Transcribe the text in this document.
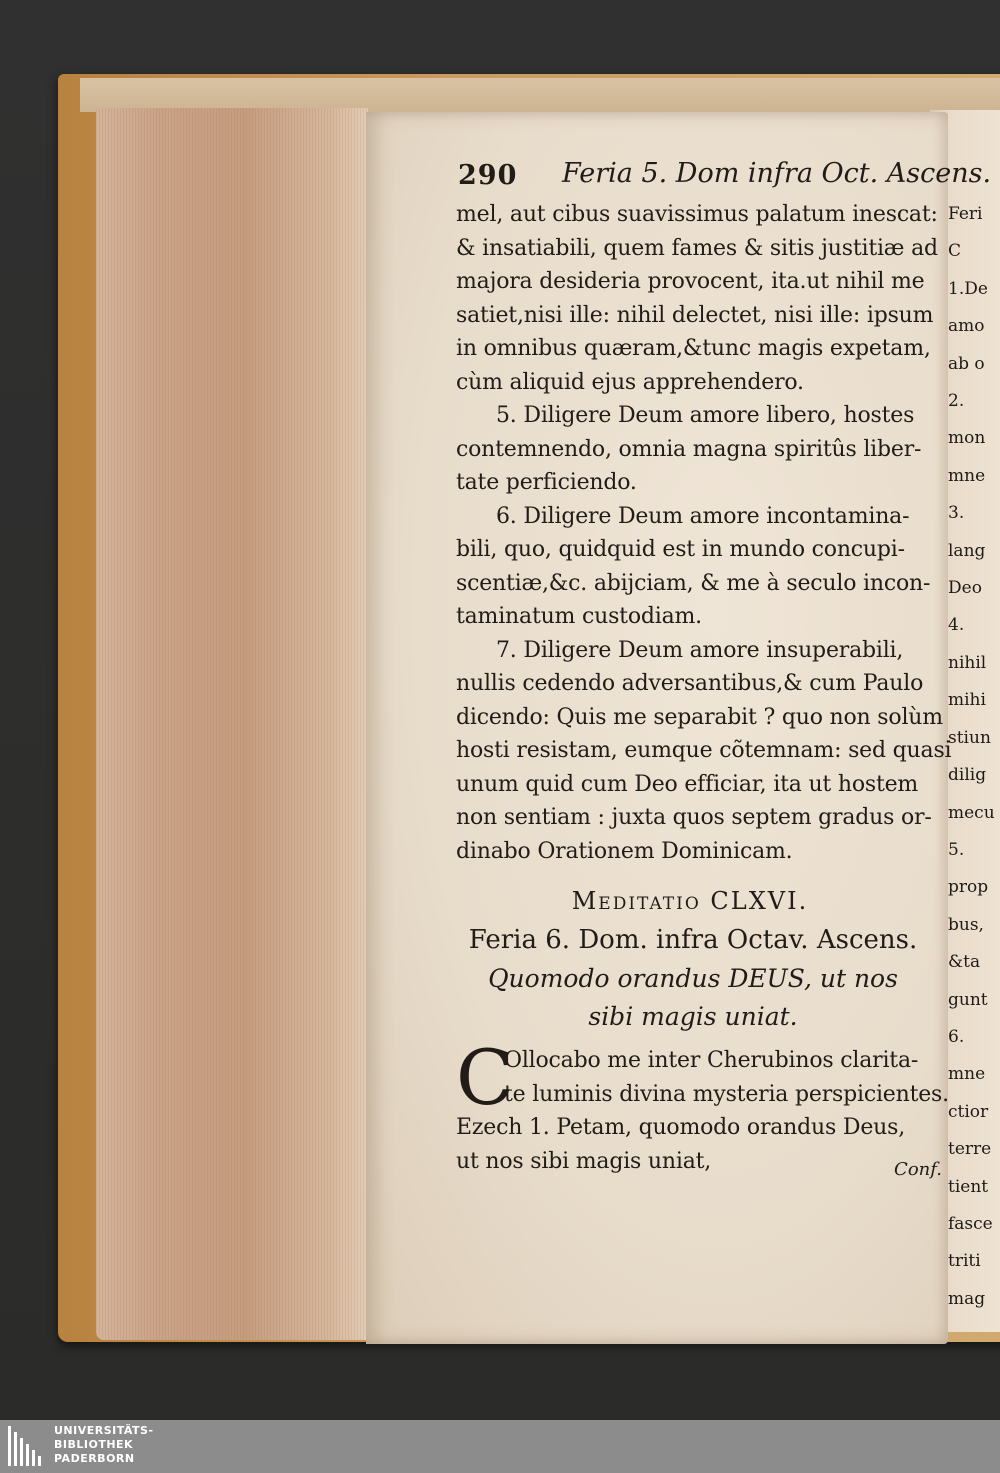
Feri
C
1.De
amo
ab o
2.
mon
mne
3.
lang
Deo
4.
nihil
mihi
stiun
dilig
mecu
5.
prop
bus,
&ta
gunt
6.
mne
ctior
terre
tient
fasce
triti
mag
290 Feria 5. Dom infra Oct. Ascens.
mel, aut cibus suavissimus palatum inescat:
& insatiabili, quem fames & sitis justitiæ ad
majora desideria provocent, ita.ut nihil me
satiet,nisi ille: nihil delectet, nisi ille: ipsum
in omnibus quæram,&tunc magis expetam,
cùm aliquid ejus apprehendero.
5. Diligere Deum amore libero, hostes
contemnendo, omnia magna spiritûs liber-
tate perficiendo.
6. Diligere Deum amore incontamina-
bili, quo, quidquid est in mundo concupi-
scentiæ,&c. abijciam, & me à seculo incon-
taminatum custodiam.
7. Diligere Deum amore insuperabili,
nullis cedendo adversantibus,& cum Paulo
dicendo: Quis me separabit ? quo non solùm
hosti resistam, eumque cõtemnam: sed quasi
unum quid cum Deo efficiar, ita ut hostem
non sentiam : juxta quos septem gradus or-
dinabo Orationem Dominicam.
Meditatio CLXVI.
Feria 6. Dom. infra Octav. Ascens.
Quomodo orandus DEUS, ut nos
sibi magis uniat.
C
Ollocabo me inter Cherubinos clarita-
te luminis divina mysteria perspicientes.
Ezech 1. Petam, quomodo orandus Deus,
ut nos sibi magis uniat,	Conf.
UNIVERSITÄTS-
BIBLIOTHEK
PADERBORN
